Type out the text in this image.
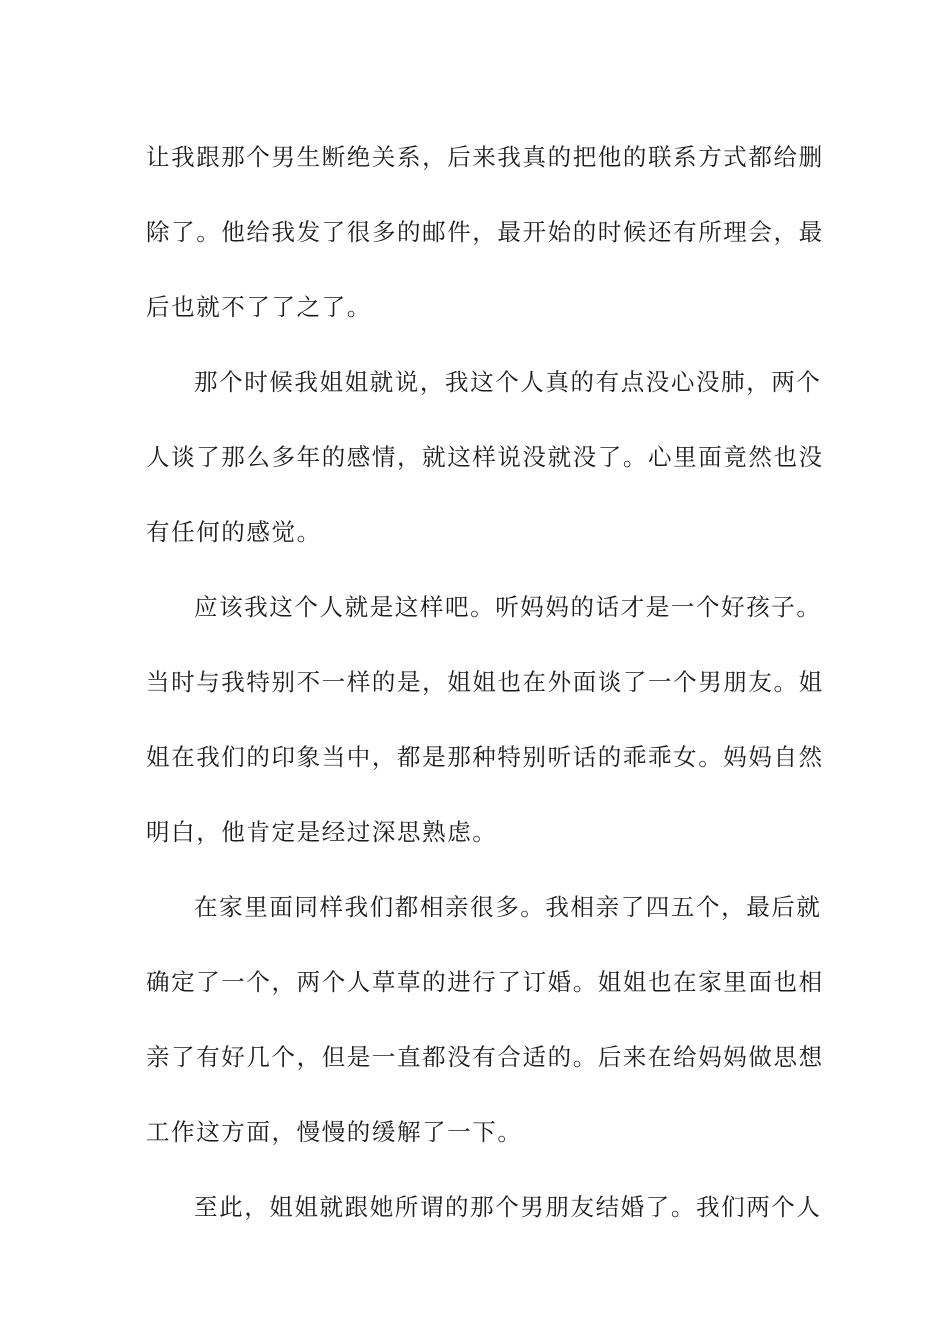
让我跟那个男生断绝关系，后来我真的把他的联系方式都给删
除了。他给我发了很多的邮件，最开始的时候还有所理会，最
后也就不了了之了。
那个时候我姐姐就说，我这个人真的有点没心没肺，两个
人谈了那么多年的感情，就这样说没就没了。心里面竟然也没
有任何的感觉。
应该我这个人就是这样吧。听妈妈的话才是一个好孩子。
当时与我特别不一样的是，姐姐也在外面谈了一个男朋友。姐
姐在我们的印象当中，都是那种特别听话的乖乖女。妈妈自然
明白，他肯定是经过深思熟虑。
在家里面同样我们都相亲很多。我相亲了四五个，最后就
确定了一个，两个人草草的进行了订婚。姐姐也在家里面也相
亲了有好几个，但是一直都没有合适的。后来在给妈妈做思想
工作这方面，慢慢的缓解了一下。
至此，姐姐就跟她所谓的那个男朋友结婚了。我们两个人
